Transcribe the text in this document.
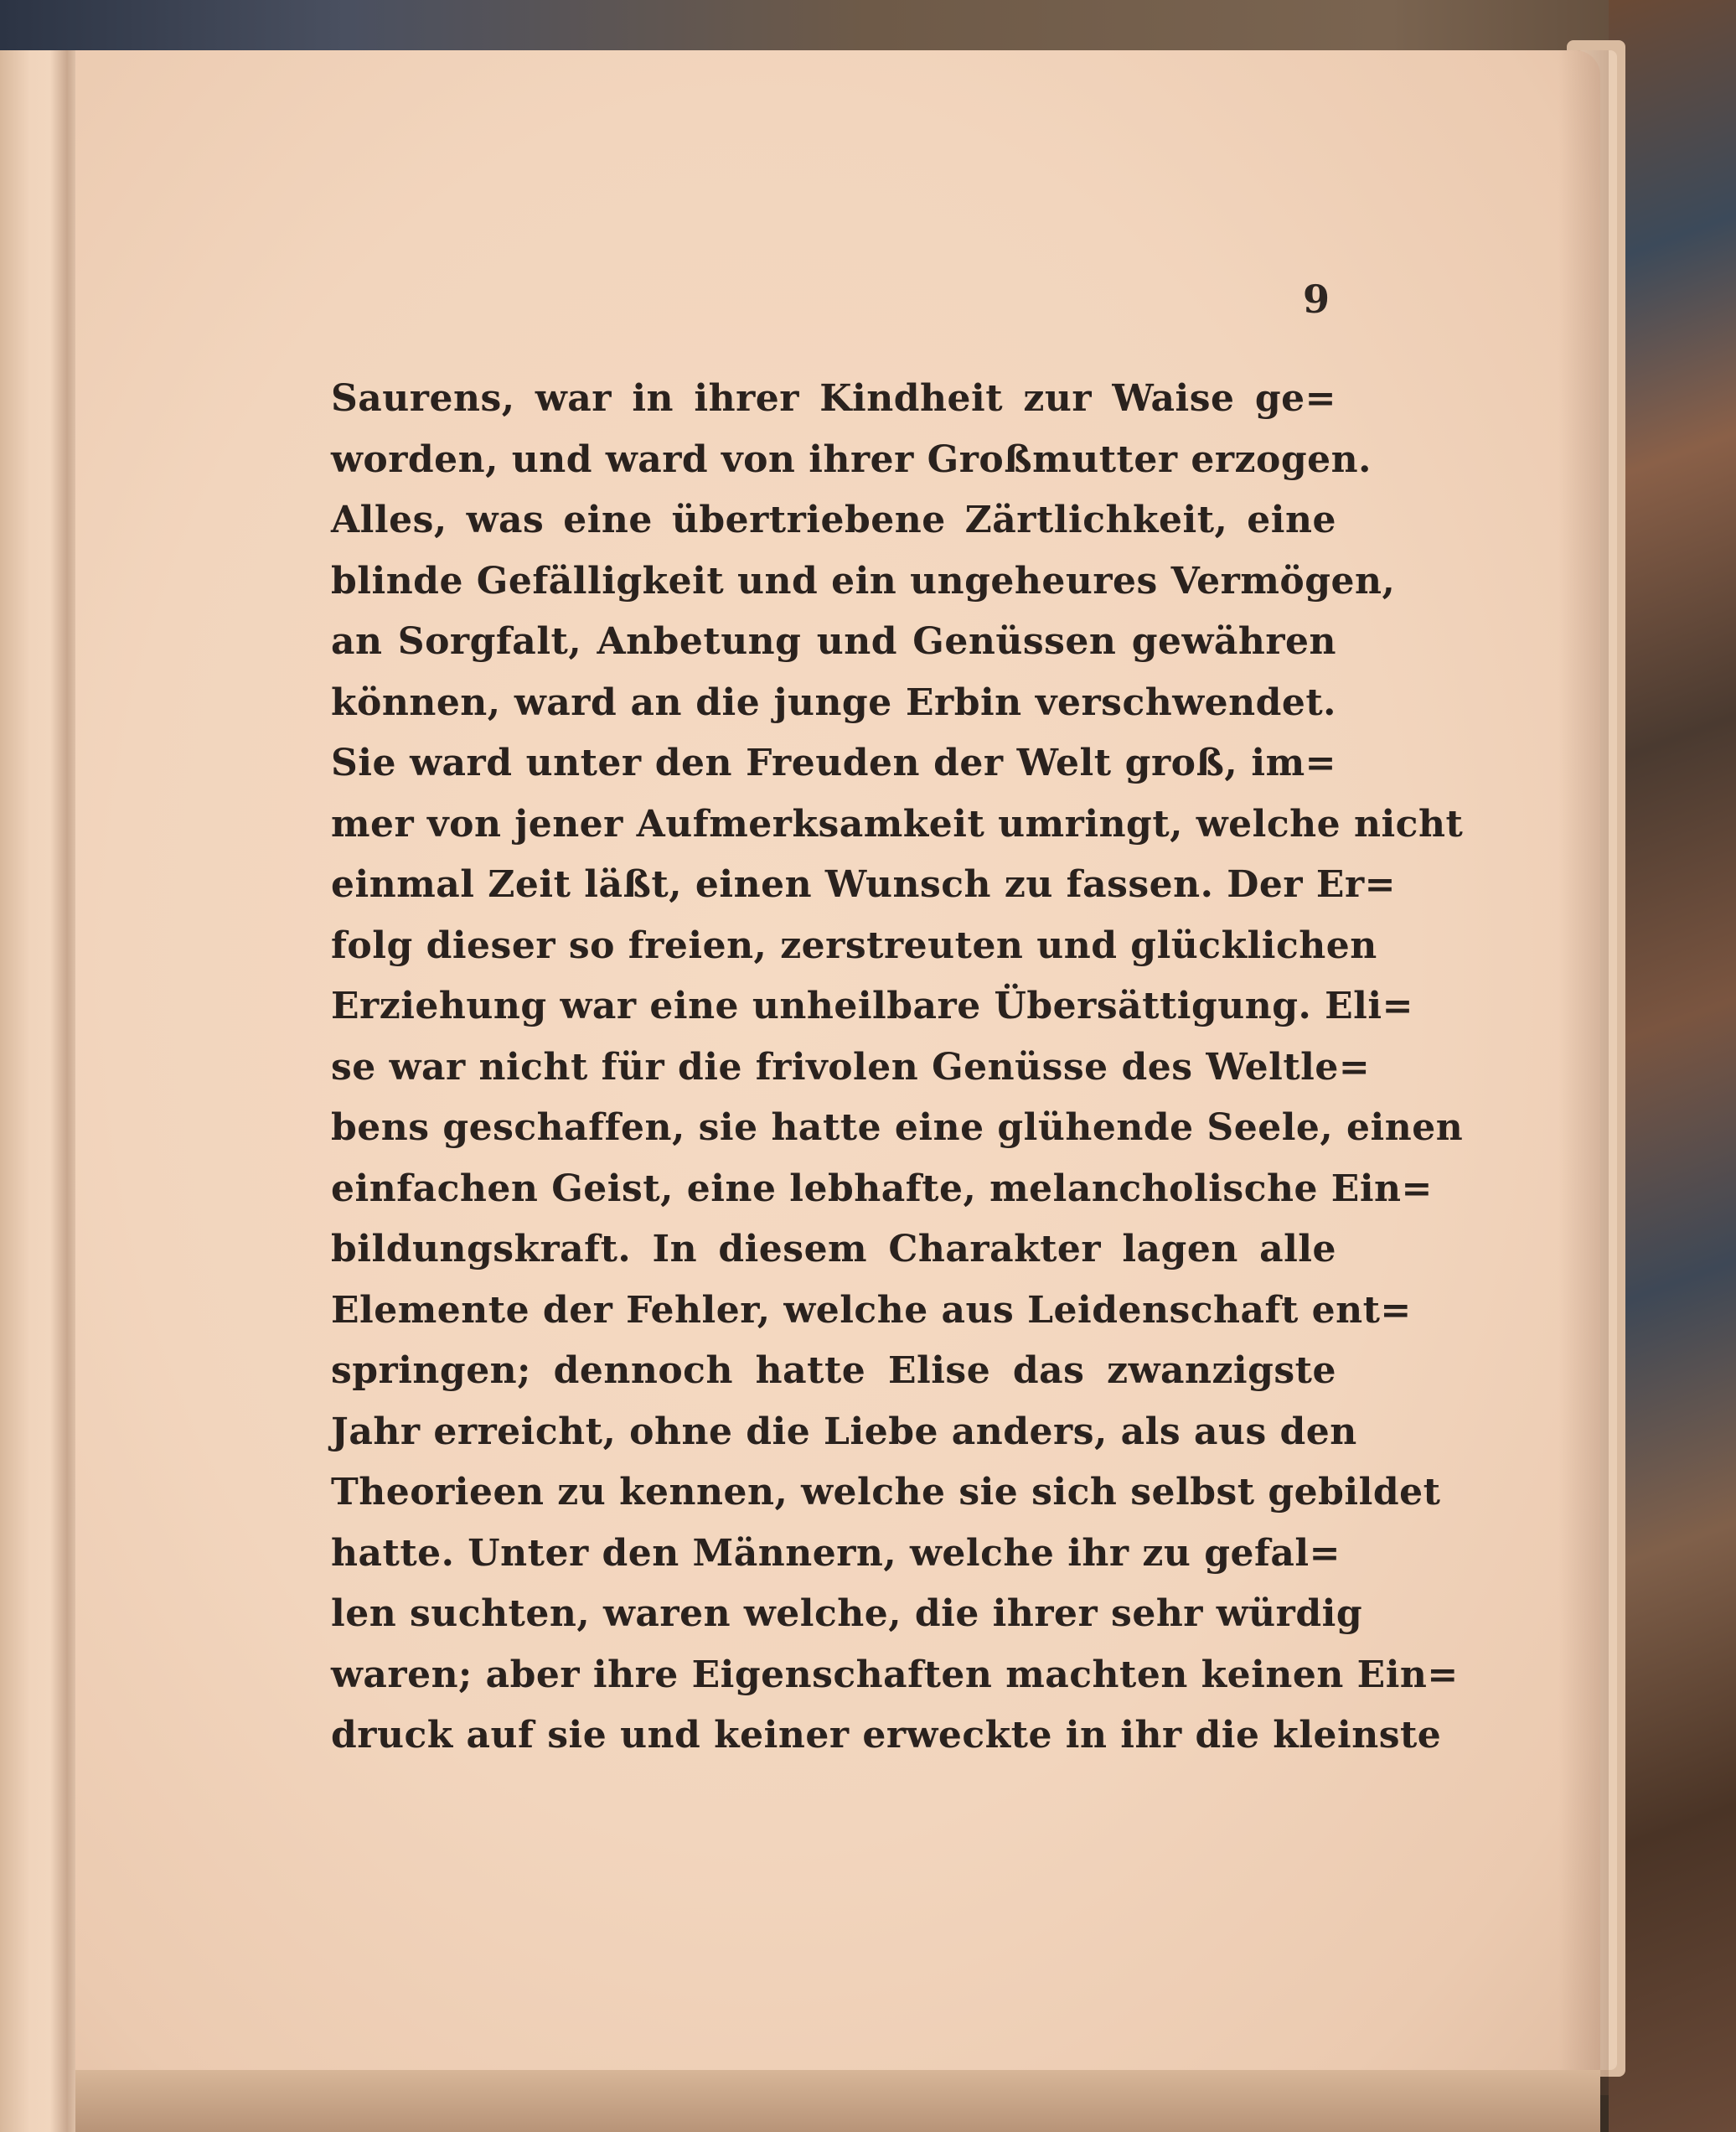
9
Saurens, war in ihrer Kindheit zur Waise ge=
worden, und ward von ihrer Großmutter erzogen.
Alles, was eine übertriebene Zärtlichkeit, eine
blinde Gefälligkeit und ein ungeheures Vermögen,
an Sorgfalt, Anbetung und Genüssen gewähren
können, ward an die junge Erbin verschwendet.
Sie ward unter den Freuden der Welt groß, im=
mer von jener Aufmerksamkeit umringt, welche nicht
einmal Zeit läßt, einen Wunsch zu fassen. Der Er=
folg dieser so freien, zerstreuten und glücklichen
Erziehung war eine unheilbare Übersättigung. Eli=
se war nicht für die frivolen Genüsse des Weltle=
bens geschaffen, sie hatte eine glühende Seele, einen
einfachen Geist, eine lebhafte, melancholische Ein=
bildungskraft. In diesem Charakter lagen alle
Elemente der Fehler, welche aus Leidenschaft ent=
springen; dennoch hatte Elise das zwanzigste
Jahr erreicht, ohne die Liebe anders, als aus den
Theorieen zu kennen, welche sie sich selbst gebildet
hatte. Unter den Männern, welche ihr zu gefal=
len suchten, waren welche, die ihrer sehr würdig
waren; aber ihre Eigenschaften machten keinen Ein=
druck auf sie und keiner erweckte in ihr die kleinste
